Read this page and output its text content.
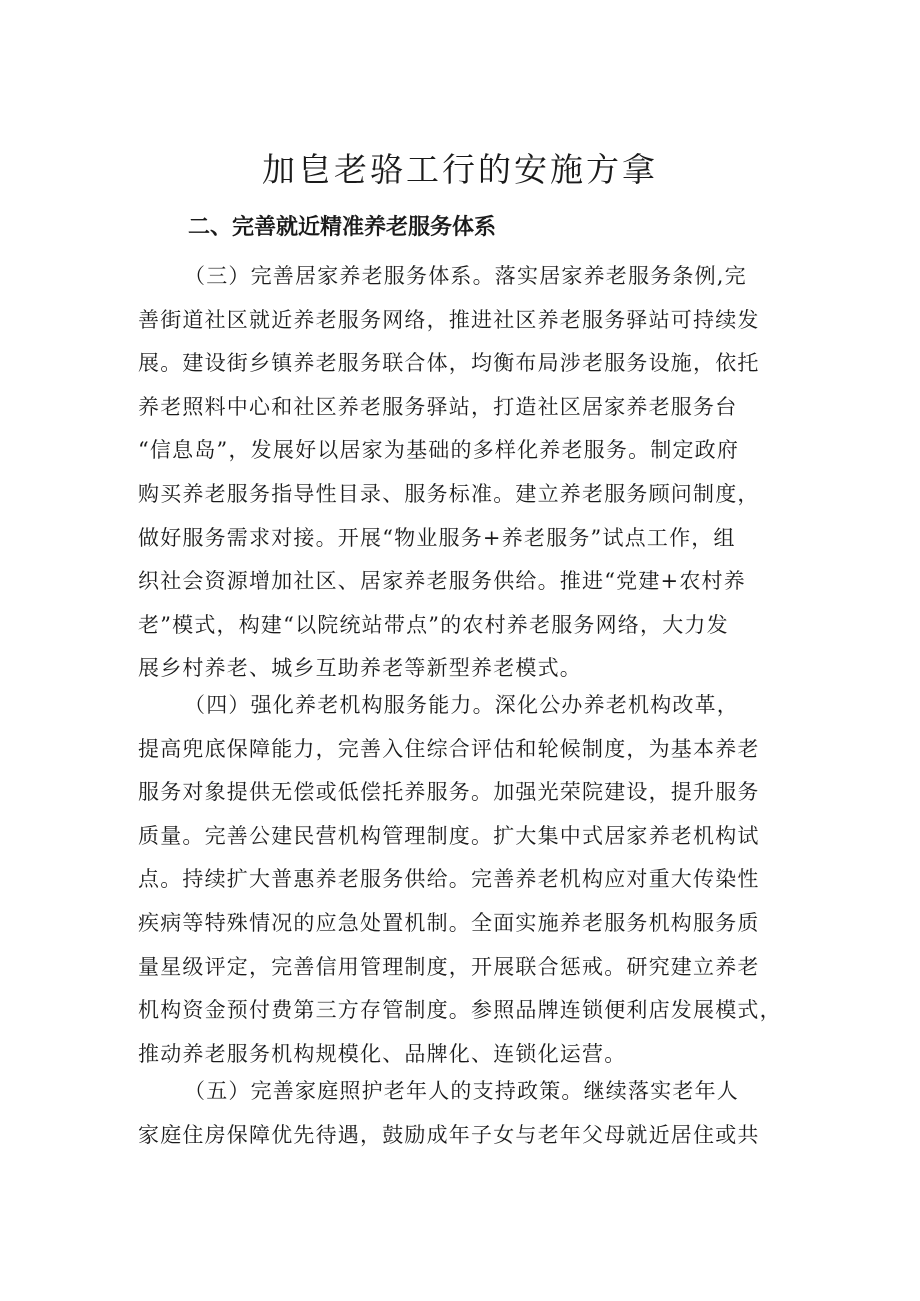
加皀老骆工行的安施方拿
二、完善就近精准养老服务体系
（三）完善居家养老服务体系。落实居家养老服务条例,完
善街道社区就近养老服务网络，推进社区养老服务驿站可持续发
展。建设街乡镇养老服务联合体，均衡布局涉老服务设施，依托
养老照料中心和社区养老服务驿站，打造社区居家养老服务台
“信息岛”，发展好以居家为基础的多样化养老服务。制定政府
购买养老服务指导性目录、服务标准。建立养老服务顾问制度，
做好服务需求对接。开展“物业服务+养老服务”试点工作，组
织社会资源增加社区、居家养老服务供给。推进“党建+农村养
老”模式，构建“以院统站带点”的农村养老服务网络，大力发
展乡村养老、城乡互助养老等新型养老模式。
（四）强化养老机构服务能力。深化公办养老机构改革，
提高兜底保障能力，完善入住综合评估和轮候制度，为基本养老
服务对象提供无偿或低偿托养服务。加强光荣院建设，提升服务
质量。完善公建民营机构管理制度。扩大集中式居家养老机构试
点。持续扩大普惠养老服务供给。完善养老机构应对重大传染性
疾病等特殊情况的应急处置机制。全面实施养老服务机构服务质
量星级评定，完善信用管理制度，开展联合惩戒。研究建立养老
机构资金预付费第三方存管制度。参照品牌连锁便利店发展模式，
推动养老服务机构规模化、品牌化、连锁化运营。
（五）完善家庭照护老年人的支持政策。继续落实老年人
家庭住房保障优先待遇，鼓励成年子女与老年父母就近居住或共
